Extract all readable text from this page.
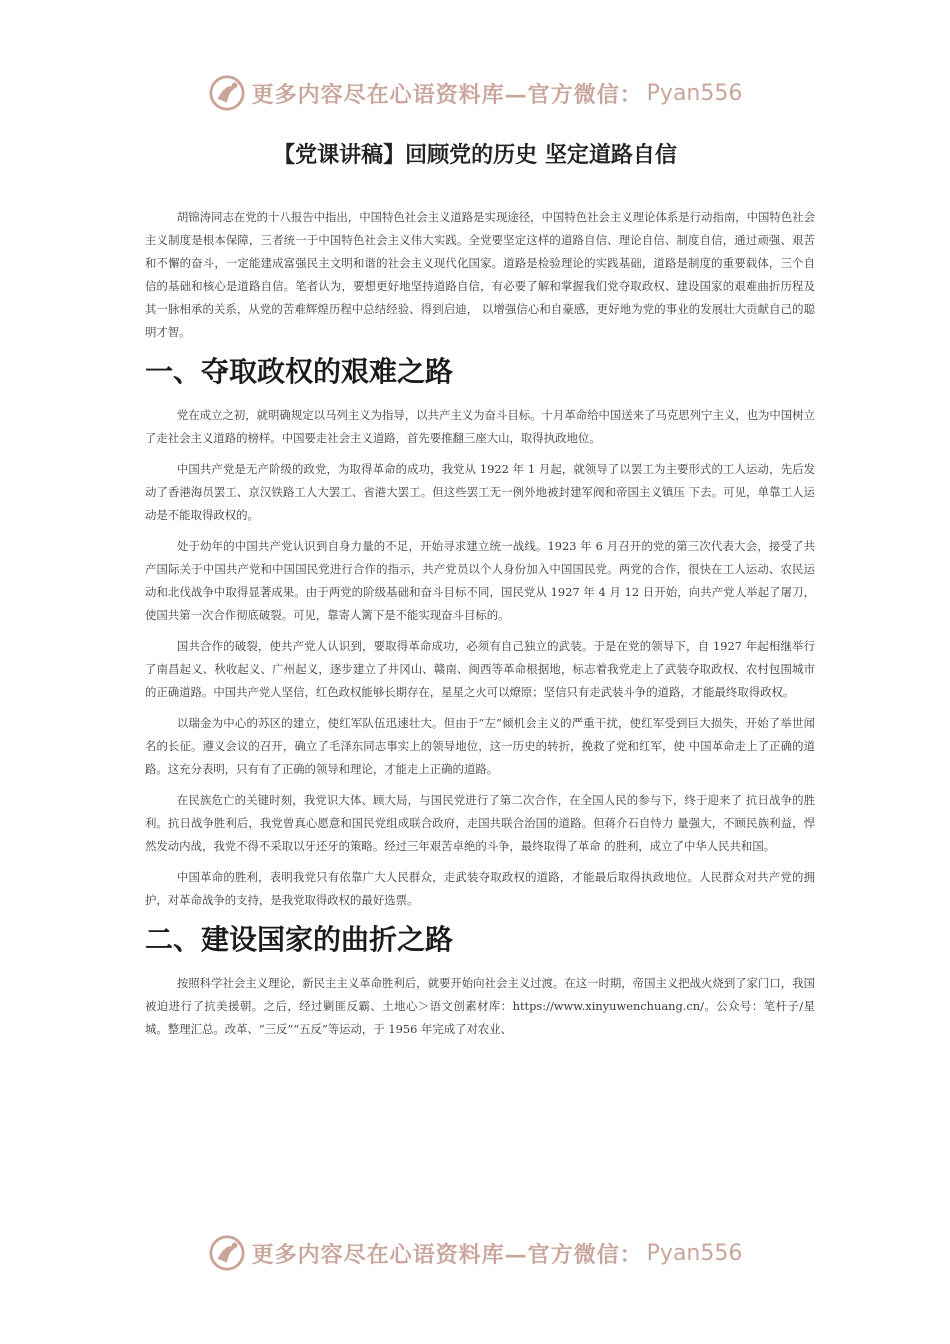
更多内容尽在心语资料库—官方微信： Pyan556
【党课讲稿】回顾党的历史 坚定道路自信

胡锦涛同志在党的十八报告中指出，中国特色社会主义道路是实现途径，中国特色社会主义理论体系是行动指南，中国特色社会主义制度是根本保障，三者统一于中国特色社会主义伟大实践。全党要坚定这样的道路自信、理论自信、制度自信，通过顽强、艰苦和不懈的奋斗，一定能建成富强民主文明和谐的社会主义现代化国家。道路是检验理论的实践基础，道路是制度的重要载体，三个自信的基础和核心是道路自信。笔者认为，要想更好地坚持道路自信，有必要了解和掌握我们党夺取政权、建设国家的艰难曲折历程及其一脉相承的关系，从党的苦难辉煌历程中总结经验、得到启迪， 以增强信心和自豪感，更好地为党的事业的发展壮大贡献自己的聪明才智。

一、夺取政权的艰难之路

党在成立之初，就明确规定以马列主义为指导，以共产主义为奋斗目标。十月革命给中国送来了马克思列宁主义，也为中国树立了走社会主义道路的榜样。中国要走社会主义道路，首先要推翻三座大山，取得执政地位。

中国共产党是无产阶级的政党，为取得革命的成功，我党从 1922 年 1 月起，就领导了以罢工为主要形式的工人运动，先后发动了香港海员罢工、京汉铁路工人大罢工、省港大罢工。但这些罢工无一例外地被封建军阀和帝国主义镇压 下去。可见，单靠工人运动是不能取得政权的。

处于幼年的中国共产党认识到自身力量的不足，开始寻求建立统一战线。1923 年 6 月召开的党的第三次代表大会，接受了共产国际关于中国共产党和中国国民党进行合作的指示，共产党员以个人身份加入中国国民党。两党的合作，很快在工人运动、农民运动和北伐战争中取得显著成果。由于两党的阶级基础和奋斗目标不同，国民党从 1927 年 4 月 12 日开始，向共产党人举起了屠刀，使国共第一次合作彻底破裂。可见，靠寄人篱下是不能实现奋斗目标的。

国共合作的破裂，使共产党人认识到，要取得革命成功，必须有自己独立的武装。于是在党的领导下，自 1927 年起相继举行了南昌起义、秋收起义、广州起义，逐步建立了井冈山、赣南、闽西等革命根据地，标志着我党走上了武装夺取政权、农村包围城市的正确道路。中国共产党人坚信，红色政权能够长期存在，星星之火可以燎原；坚信只有走武装斗争的道路，才能最终取得政权。

以瑞金为中心的苏区的建立，使红军队伍迅速壮大。但由于“左”倾机会主义的严重干扰，使红军受到巨大损失，开始了举世闻名的长征。遵义会议的召开，确立了毛泽东同志事实上的领导地位，这一历史的转折，挽救了党和红军，使 中国革命走上了正确的道路。这充分表明，只有有了正确的领导和理论，才能走上正确的道路。

在民族危亡的关键时刻，我党识大体、顾大局，与国民党进行了第二次合作，在全国人民的参与下，终于迎来了 抗日战争的胜利。抗日战争胜利后，我党曾真心愿意和国民党组成联合政府，走国共联合治国的道路。但蒋介石自恃力 量强大，不顾民族利益，悍然发动内战，我党不得不采取以牙还牙的策略。经过三年艰苦卓绝的斗争，最终取得了革命 的胜利，成立了中华人民共和国。

中国革命的胜利，表明我党只有依靠广大人民群众，走武装夺取政权的道路，才能最后取得执政地位。人民群众对共产党的拥护，对革命战争的支持，是我党取得政权的最好选票。

二、建设国家的曲折之路

按照科学社会主义理论，新民主主义革命胜利后，就要开始向社会主义过渡。在这一时期，帝国主义把战火烧到了家门口，我国被迫进行了抗美援朝。之后，经过剿匪反霸、土地心＞语文创素材库：https://www.xinyuwenchuang.cn/。公众号：笔杆子/星城。整理汇总。改革、“三反”“五反”等运动，于 1956 年完成了对农业、

更多内容尽在心语资料库—官方微信： Pyan556
